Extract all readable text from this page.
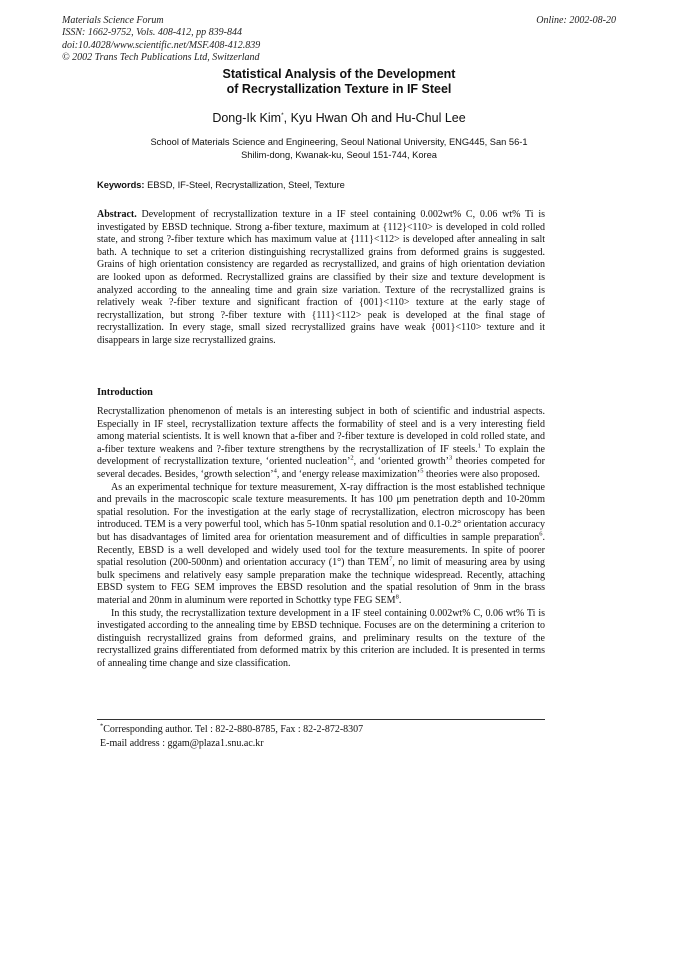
Materials Science Forum
ISSN: 1662-9752, Vols. 408-412, pp 839-844
doi:10.4028/www.scientific.net/MSF.408-412.839
© 2002 Trans Tech Publications Ltd, Switzerland
Online: 2002-08-20
Statistical Analysis of the Development
of Recrystallization Texture in IF Steel
Dong-Ik Kim*, Kyu Hwan Oh and Hu-Chul Lee
School of Materials Science and Engineering, Seoul National University, ENG445, San 56-1
Shilim-dong, Kwanak-ku, Seoul 151-744, Korea
Keywords: EBSD, IF-Steel, Recrystallization, Steel, Texture
Abstract. Development of recrystallization texture in a IF steel containing 0.002wt% C, 0.06 wt% Ti is investigated by EBSD technique. Strong a-fiber texture, maximum at {112}<110> is developed in cold rolled state, and strong ?-fiber texture which has maximum value at {111}<112> is developed after annealing in salt bath. A technique to set a criterion distinguishing recrystallized grains from deformed grains is suggested. Grains of high orientation consistency are regarded as recrystallized, and grains of high orientation deviation are looked upon as deformed. Recrystallized grains are classified by their size and texture development is analyzed according to the annealing time and grain size variation. Texture of the recrystallized grains is relatively weak ?-fiber texture and significant fraction of {001}<110> texture at the early stage of recrystallization, but strong ?-fiber texture with {111}<112> peak is developed at the final stage of recrystallization. In every stage, small sized recrystallized grains have weak {001}<110> texture and it disappears in large size recrystallized grains.
Introduction
Recrystallization phenomenon of metals is an interesting subject in both of scientific and industrial aspects. Especially in IF steel, recrystallization texture affects the formability of steel and is a very interesting field among material scientists. It is well known that a-fiber and ?-fiber texture is developed in cold rolled state, and a-fiber texture weakens and ?-fiber texture strengthens by the recrystallization of IF steels.$^1$ To explain the development of recrystallization texture, ‘oriented nucleation’$^2$, and ‘oriented growth’$^3$ theories competed for several decades. Besides, ‘growth selection’$^4$, and ‘energy release maximization’$^5$ theories were also proposed.
As an experimental technique for texture measurement, X-ray diffraction is the most established technique and prevails in the macroscopic scale texture measurements. It has 100 μm penetration depth and 10-20mm spatial resolution. For the investigation at the early stage of recrystallization, electron microscopy has been introduced. TEM is a very powerful tool, which has 5-10nm spatial resolution and 0.1-0.2° orientation accuracy but has disadvantages of limited area for orientation measurement and of difficulties in sample preparation$^6$. Recently, EBSD is a well developed and widely used tool for the texture measurements. In spite of poorer spatial resolution (200-500nm) and orientation accuracy (1°) than TEM$^7$, no limit of measuring area by using bulk specimens and relatively easy sample preparation make the technique widespread. Recently, attaching EBSD system to FEG SEM improves the EBSD resolution and the spatial resolution of 9nm in the brass material and 20nm in aluminum were reported in Schottky type FEG SEM$^8$.
In this study, the recrystallization texture development in a IF steel containing 0.002wt% C, 0.06 wt% Ti is investigated according to the annealing time by EBSD technique. Focuses are on the determining a criterion to distinguish recrystallized grains from deformed grains, and preliminary results on the texture of the recrystallized grains differentiated from deformed matrix by this criterion are included. It is presented in terms of annealing time change and size classification.
*Corresponding author. Tel : 82-2-880-8785, Fax : 82-2-872-8307
E-mail address : ggam@plaza1.snu.ac.kr
